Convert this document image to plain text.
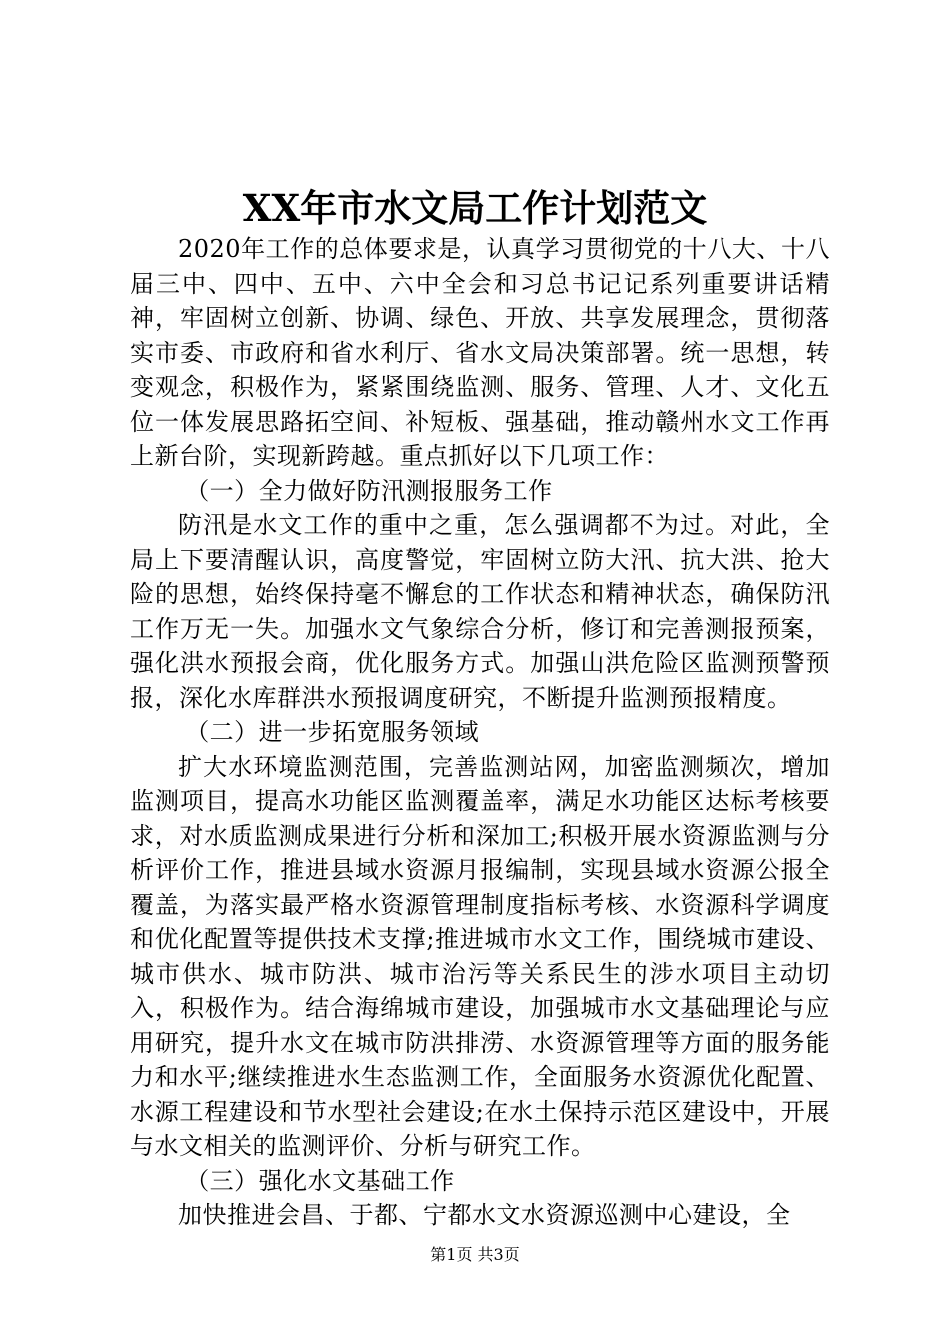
XX年市水文局工作计划范文

2020年工作的总体要求是，认真学习贯彻党的十八大、十八届三中、四中、五中、六中全会和习总书记记系列重要讲话精神，牢固树立创新、协调、绿色、开放、共享发展理念，贯彻落实市委、市政府和省水利厅、省水文局决策部署。统一思想，转变观念，积极作为，紧紧围绕监测、服务、管理、人才、文化五位一体发展思路拓空间、补短板、强基础，推动赣州水文工作再上新台阶，实现新跨越。重点抓好以下几项工作：

（一）全力做好防汛测报服务工作

防汛是水文工作的重中之重，怎么强调都不为过。对此，全局上下要清醒认识，高度警觉，牢固树立防大汛、抗大洪、抢大险的思想，始终保持毫不懈怠的工作状态和精神状态，确保防汛工作万无一失。加强水文气象综合分析，修订和完善测报预案，强化洪水预报会商，优化服务方式。加强山洪危险区监测预警预报，深化水库群洪水预报调度研究，不断提升监测预报精度。

（二）进一步拓宽服务领域

扩大水环境监测范围，完善监测站网，加密监测频次，增加监测项目，提高水功能区监测覆盖率，满足水功能区达标考核要求，对水质监测成果进行分析和深加工;积极开展水资源监测与分析评价工作，推进县域水资源月报编制，实现县域水资源公报全覆盖，为落实最严格水资源管理制度指标考核、水资源科学调度和优化配置等提供技术支撑;推进城市水文工作，围绕城市建设、城市供水、城市防洪、城市治污等关系民生的涉水项目主动切入，积极作为。结合海绵城市建设，加强城市水文基础理论与应用研究，提升水文在城市防洪排涝、水资源管理等方面的服务能力和水平;继续推进水生态监测工作，全面服务水资源优化配置、水源工程建设和节水型社会建设;在水土保持示范区建设中，开展与水文相关的监测评价、分析与研究工作。

（三）强化水文基础工作

加快推进会昌、于都、宁都水文水资源巡测中心建设，全

第1页 共3页
